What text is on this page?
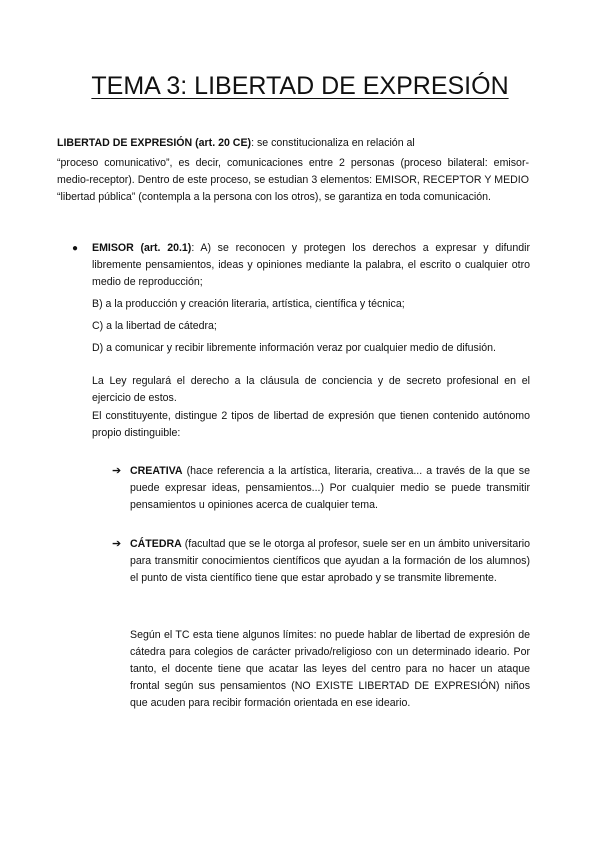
TEMA 3: LIBERTAD DE EXPRESIÓN
LIBERTAD DE EXPRESIÓN (art. 20 CE): se constitucionaliza en relación al
“proceso comunicativo”, es decir, comunicaciones entre 2 personas (proceso bilateral: emisor-medio-receptor). Dentro de este proceso, se estudian 3 elementos: EMISOR, RECEPTOR Y MEDIO “libertad pública” (contempla a la persona con los otros), se garantiza en toda comunicación.
● EMISOR (art. 20.1): A) se reconocen y protegen los derechos a expresar y difundir libremente pensamientos, ideas y opiniones mediante la palabra, el escrito o cualquier otro medio de reproducción;

B) a la producción y creación literaria, artística, científica y técnica;

C) a la libertad de cátedra;

D) a comunicar y recibir libremente información veraz por cualquier medio de difusión.

La Ley regulará el derecho a la cláusula de conciencia y de secreto profesional en el ejercicio de estos.

El constituyente, distingue 2 tipos de libertad de expresión que tienen contenido autónomo propio distinguible:

➔ CREATIVA (hace referencia a la artística, literaria, creativa... a través de la que se puede expresar ideas, pensamientos...) Por cualquier medio se puede transmitir pensamientos u opiniones acerca de cualquier tema.
➔ CÁTEDRA (facultad que se le otorga al profesor, suele ser en un ámbito universitario para transmitir conocimientos científicos que ayudan a la formación de los alumnos) el punto de vista científico tiene que estar aprobado y se transmite libremente.
Según el TC esta tiene algunos límites: no puede hablar de libertad de expresión de cátedra para colegios de carácter privado/religioso con un determinado ideario. Por tanto, el docente tiene que acatar las leyes del centro para no hacer un ataque frontal según sus pensamientos (NO EXISTE LIBERTAD DE EXPRESIÓN) niños que acuden para recibir formación orientada en ese ideario.
